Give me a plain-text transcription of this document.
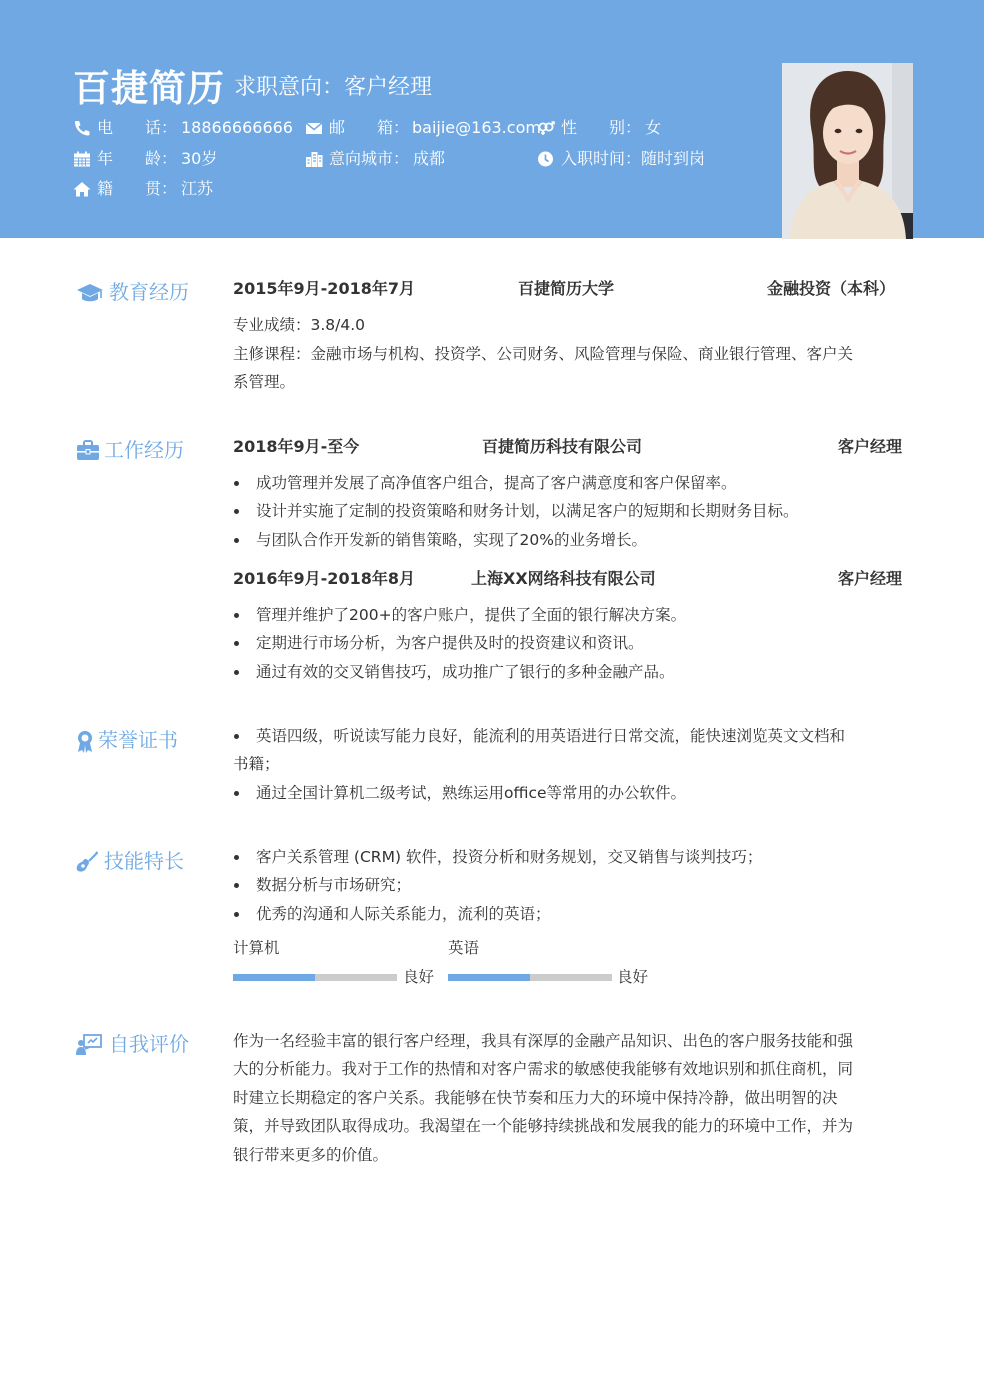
百捷简历 求职意向：客户经理
电　　话： 18866666666 邮　　箱： baijie@163.com 性　　别： 女
年　　龄： 30岁	意向城市： 成都	入职时间： 随时到岗
籍　　贯： 江苏
教育经历	2015年9月-2018年7月	百捷简历大学	金融投资（本科）
专业成绩：3.8/4.0
主修课程：金融市场与机构、投资学、公司财务、风险管理与保险、商业银行管理、客户关
系管理。
工作经历	2018年9月-至今	百捷简历科技有限公司	客户经理
成功管理并发展了高净值客户组合，提高了客户满意度和客户保留率。
设计并实施了定制的投资策略和财务计划，以满足客户的短期和长期财务目标。
与团队合作开发新的销售策略，实现了20%的业务增长。
2016年9月-2018年8月	上海XX网络科技有限公司	客户经理
管理并维护了200+的客户账户，提供了全面的银行解决方案。
定期进行市场分析，为客户提供及时的投资建议和资讯。
通过有效的交叉销售技巧，成功推广了银行的多种金融产品。
荣誉证书	英语四级，听说读写能力良好，能流利的用英语进行日常交流，能快速浏览英文文档和
书籍；
通过全国计算机二级考试，熟练运用office等常用的办公软件。
技能特长	客户关系管理 (CRM) 软件，投资分析和财务规划，交叉销售与谈判技巧；
数据分析与市场研究；
优秀的沟通和人际关系能力，流利的英语；
计算机
良好
英语
良好
自我评价	作为一名经验丰富的银行客户经理，我具有深厚的金融产品知识、出色的客户服务技能和强
大的分析能力。我对于工作的热情和对客户需求的敏感使我能够有效地识别和抓住商机，同
时建立长期稳定的客户关系。我能够在快节奏和压力大的环境中保持冷静，做出明智的决
策，并导致团队取得成功。我渴望在一个能够持续挑战和发展我的能力的环境中工作，并为
银行带来更多的价值。
